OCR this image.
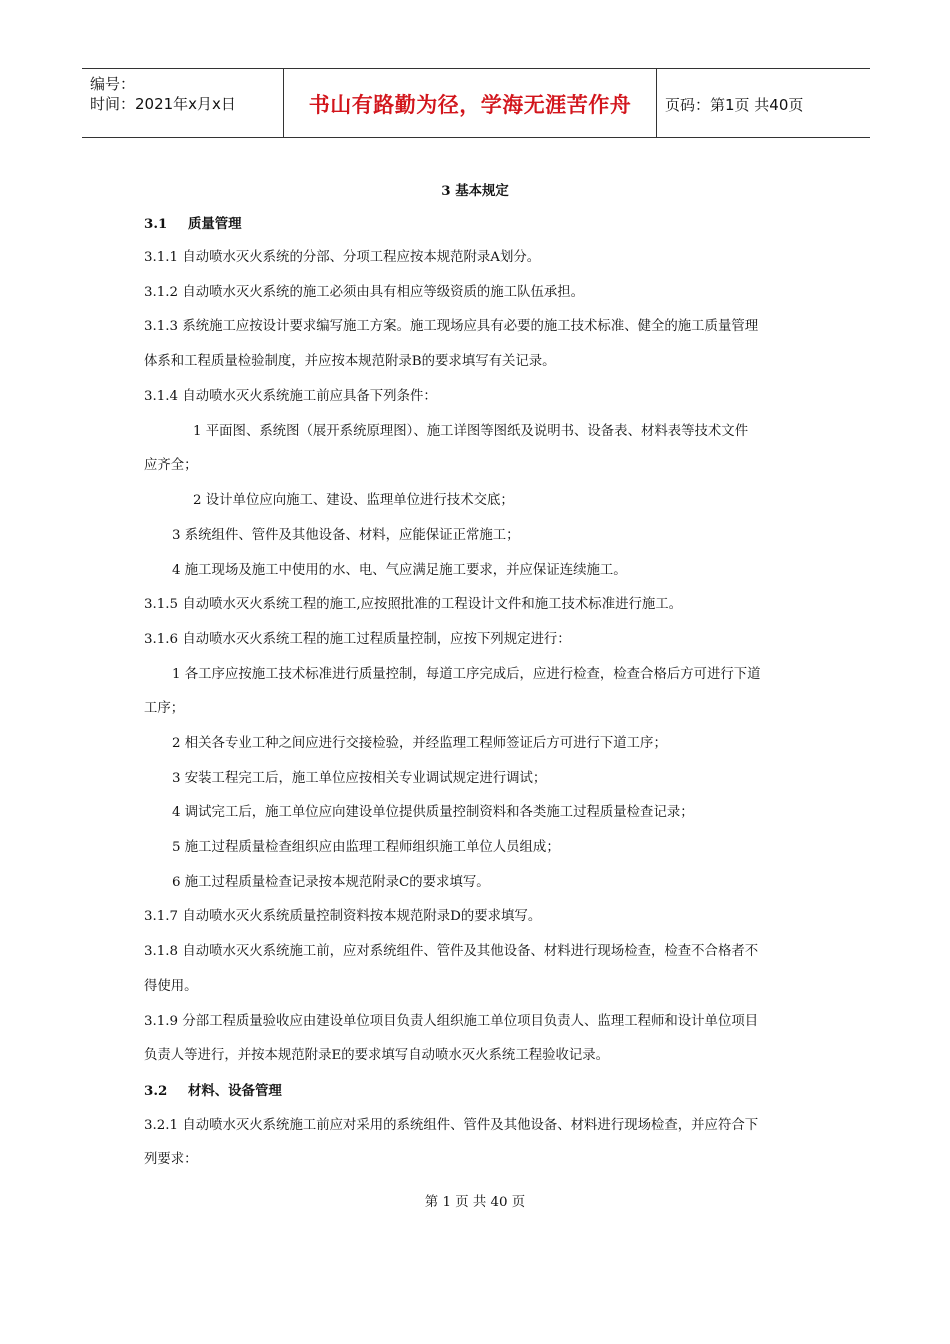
编号：
时间：2021年x月x日	书山有路勤为径，学海无涯苦作舟	页码：第1页 共40页
3 基本规定
3.1 质量管理
3.1.1 自动喷水灭火系统的分部、分项工程应按本规范附录A划分。
3.1.2 自动喷水灭火系统的施工必须由具有相应等级资质的施工队伍承担。
3.1.3 系统施工应按设计要求编写施工方案。施工现场应具有必要的施工技术标准、健全的施工质量管理
体系和工程质量检验制度，并应按本规范附录B的要求填写有关记录。
3.1.4 自动喷水灭火系统施工前应具备下列条件：
1 平面图、系统图（展开系统原理图）、施工详图等图纸及说明书、设备表、材料表等技术文件
应齐全；
2 设计单位应向施工、建设、监理单位进行技术交底；
3 系统组件、管件及其他设备、材料，应能保证正常施工；
4 施工现场及施工中使用的水、电、气应满足施工要求，并应保证连续施工。
3.1.5 自动喷水灭火系统工程的施工,应按照批准的工程设计文件和施工技术标准进行施工。
3.1.6 自动喷水灭火系统工程的施工过程质量控制，应按下列规定进行：
1 各工序应按施工技术标准进行质量控制，每道工序完成后，应进行检查，检查合格后方可进行下道
工序；
2 相关各专业工种之间应进行交接检验，并经监理工程师签证后方可进行下道工序；
3 安装工程完工后，施工单位应按相关专业调试规定进行调试；
4 调试完工后，施工单位应向建设单位提供质量控制资料和各类施工过程质量检查记录；
5 施工过程质量检查组织应由监理工程师组织施工单位人员组成；
6 施工过程质量检查记录按本规范附录C的要求填写。
3.1.7 自动喷水灭火系统质量控制资料按本规范附录D的要求填写。
3.1.8 自动喷水灭火系统施工前，应对系统组件、管件及其他设备、材料进行现场检查，检查不合格者不
得使用。
3.1.9 分部工程质量验收应由建设单位项目负责人组织施工单位项目负责人、监理工程师和设计单位项目
负责人等进行，并按本规范附录E的要求填写自动喷水灭火系统工程验收记录。
3.2 材料、设备管理
3.2.1 自动喷水灭火系统施工前应对采用的系统组件、管件及其他设备、材料进行现场检查，并应符合下
列要求：
第 1 页 共 40 页
